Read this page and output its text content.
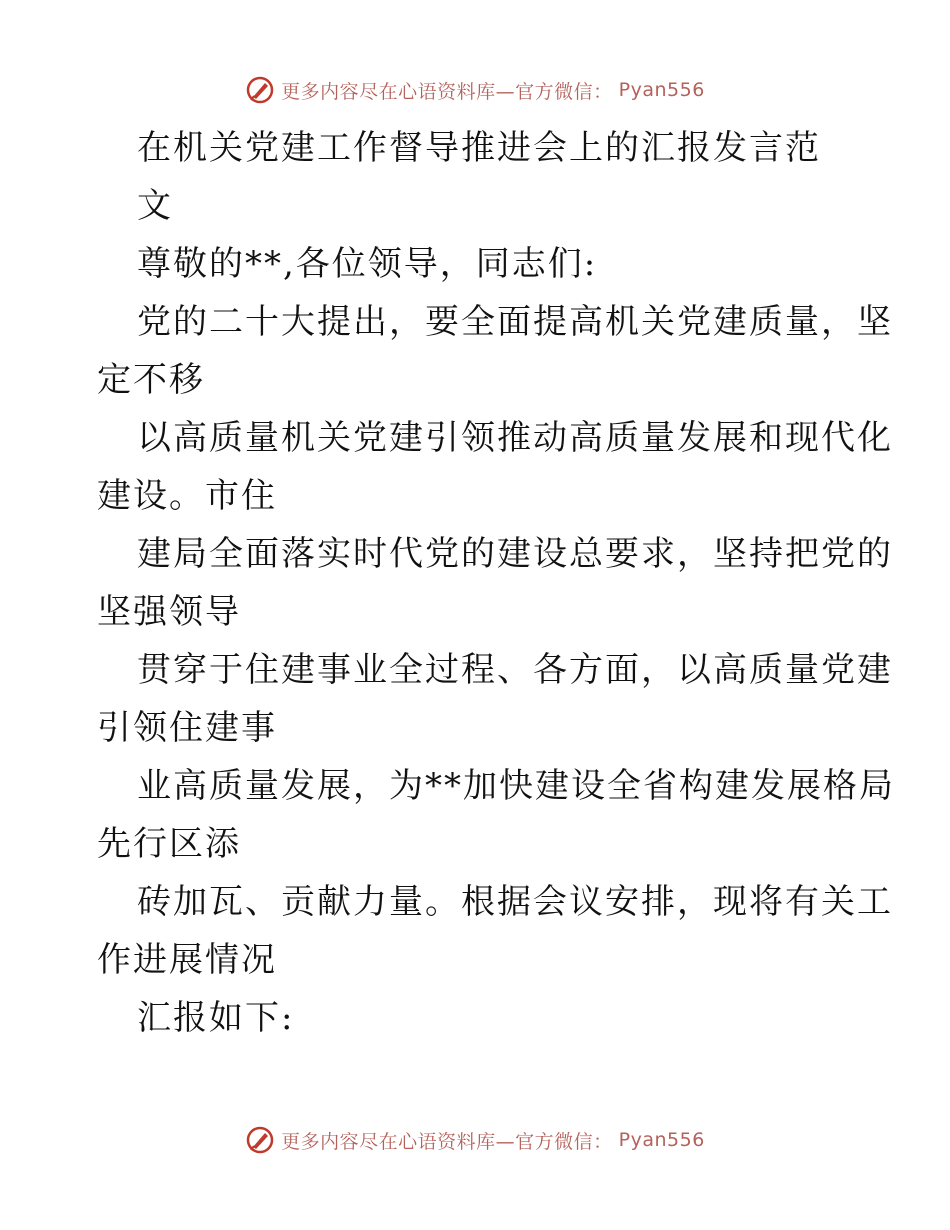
更多内容尽在心语资料库—官方微信： Pyan556
在机关党建工作督导推进会上的汇报发言范
文
尊敬的**,各位领导，同志们:
党的二十大提出，要全面提高机关党建质量，坚
定不移
以高质量机关党建引领推动高质量发展和现代化
建设。市住
建局全面落实时代党的建设总要求，坚持把党的
坚强领导
贯穿于住建事业全过程、各方面，以高质量党建
引领住建事
业高质量发展，为**加快建设全省构建发展格局
先行区添
砖加瓦、贡献力量。根据会议安排，现将有关工
作进展情况
汇报如下:
更多内容尽在心语资料库—官方微信： Pyan556
